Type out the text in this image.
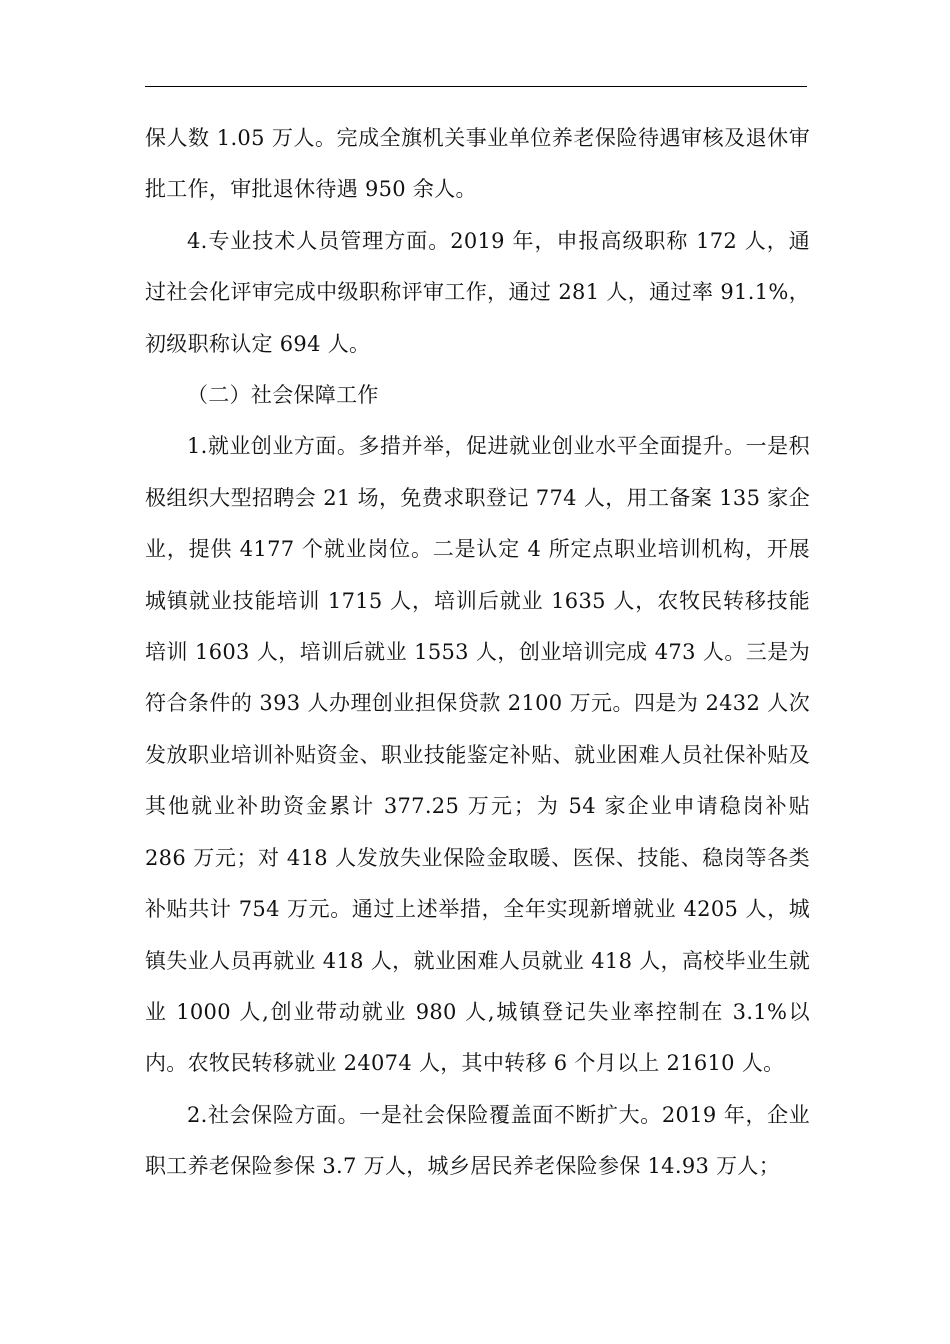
保人数 1.05 万人。完成全旗机关事业单位养老保险待遇审核及退休审批工作，审批退休待遇 950 余人。

4.专业技术人员管理方面。2019 年，申报高级职称 172 人，通过社会化评审完成中级职称评审工作，通过 281 人，通过率 91.1%，初级职称认定 694 人。

（二）社会保障工作

1.就业创业方面。多措并举，促进就业创业水平全面提升。一是积极组织大型招聘会 21 场，免费求职登记 774 人，用工备案 135 家企业，提供 4177 个就业岗位。二是认定 4 所定点职业培训机构，开展城镇就业技能培训 1715 人，培训后就业 1635 人，农牧民转移技能培训 1603 人，培训后就业 1553 人，创业培训完成 473 人。三是为符合条件的 393 人办理创业担保贷款 2100 万元。四是为 2432 人次发放职业培训补贴资金、职业技能鉴定补贴、就业困难人员社保补贴及其他就业补助资金累计 377.25 万元；为 54 家企业申请稳岗补贴 286 万元；对 418 人发放失业保险金取暖、医保、技能、稳岗等各类补贴共计 754 万元。通过上述举措，全年实现新增就业 4205 人，城镇失业人员再就业 418 人，就业困难人员就业 418 人，高校毕业生就业 1000 人,创业带动就业 980 人,城镇登记失业率控制在 3.1%以内。农牧民转移就业 24074 人，其中转移 6 个月以上 21610 人。

2.社会保险方面。一是社会保险覆盖面不断扩大。2019 年，企业职工养老保险参保 3.7 万人，城乡居民养老保险参保 14.93 万人；
